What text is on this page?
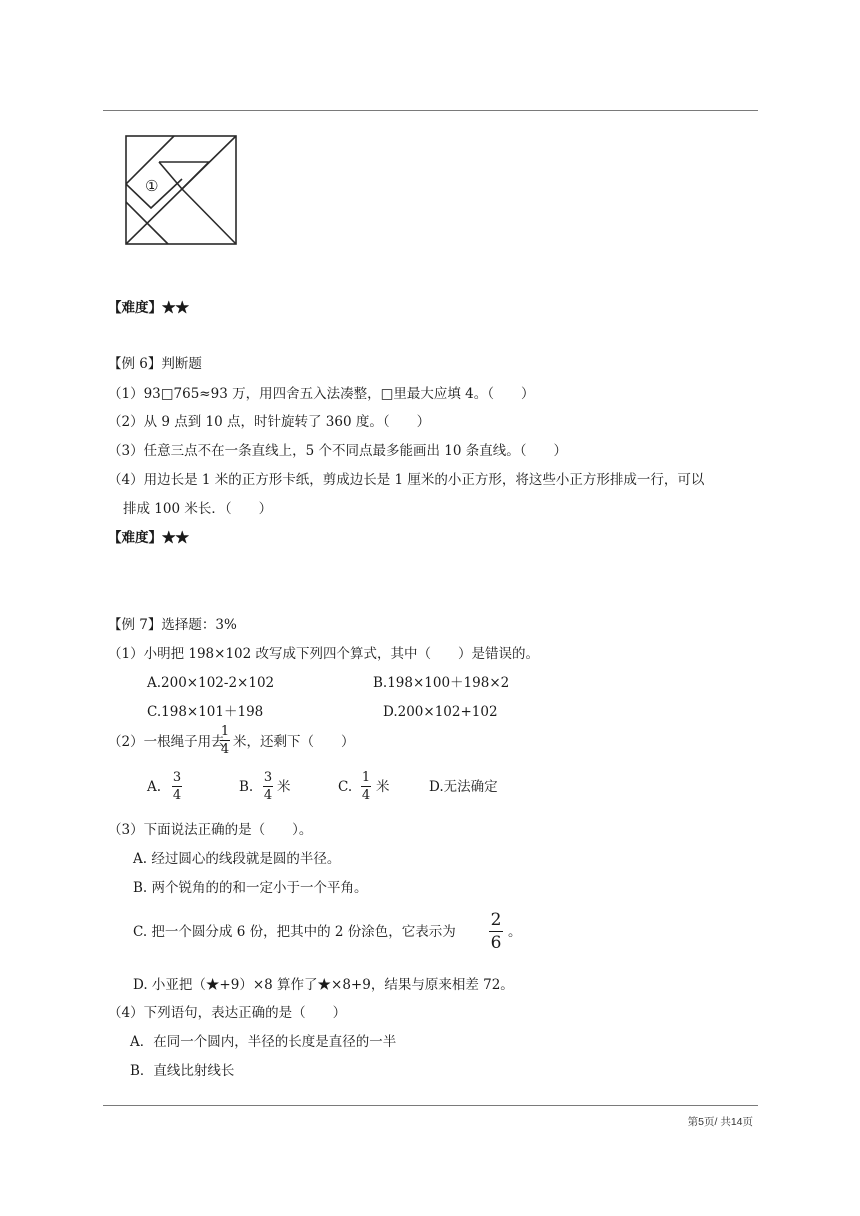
①
【难度】★★
【例 6】判断题
（1）93□765≈93 万，用四舍五入法凑整，□里最大应填 4。（　　）
（2）从 9 点到 10 点，时针旋转了 360 度。（　　）
（3）任意三点不在一条直线上，5 个不同点最多能画出 10 条直线。（　　）
（4）用边长是 1 米的正方形卡纸，剪成边长是 1 厘米的小正方形，将这些小正方形排成一行，可以
排成 100 米长．（　　）
【难度】★★
【例 7】选择题：3%
（1）小明把 198×102 改写成下列四个算式，其中（　　）是错误的。
A.200×102-2×102	B.198×100＋198×2
C.198×101＋198	D.200×102+102
（2）一根绳子用去
1
4 米，还剩下（　　）
A.
3
4
B.
3
4
米	C.
1
4
米	D.无法确定
（3）下面说法正确的是（　　）。
A. 经过圆心的线段就是圆的半径。
B. 两个锐角的的和一定小于一个平角。
C. 把一个圆分成 6 份，把其中的 2 份涂色，它表示为
2
6
。
D. 小亚把（★+9）×8 算作了★×8+9，结果与原来相差 72。
（4）下列语句，表达正确的是（　　）
A．在同一个圆内，半径的长度是直径的一半
B．直线比射线长
第5页/ 共14页
